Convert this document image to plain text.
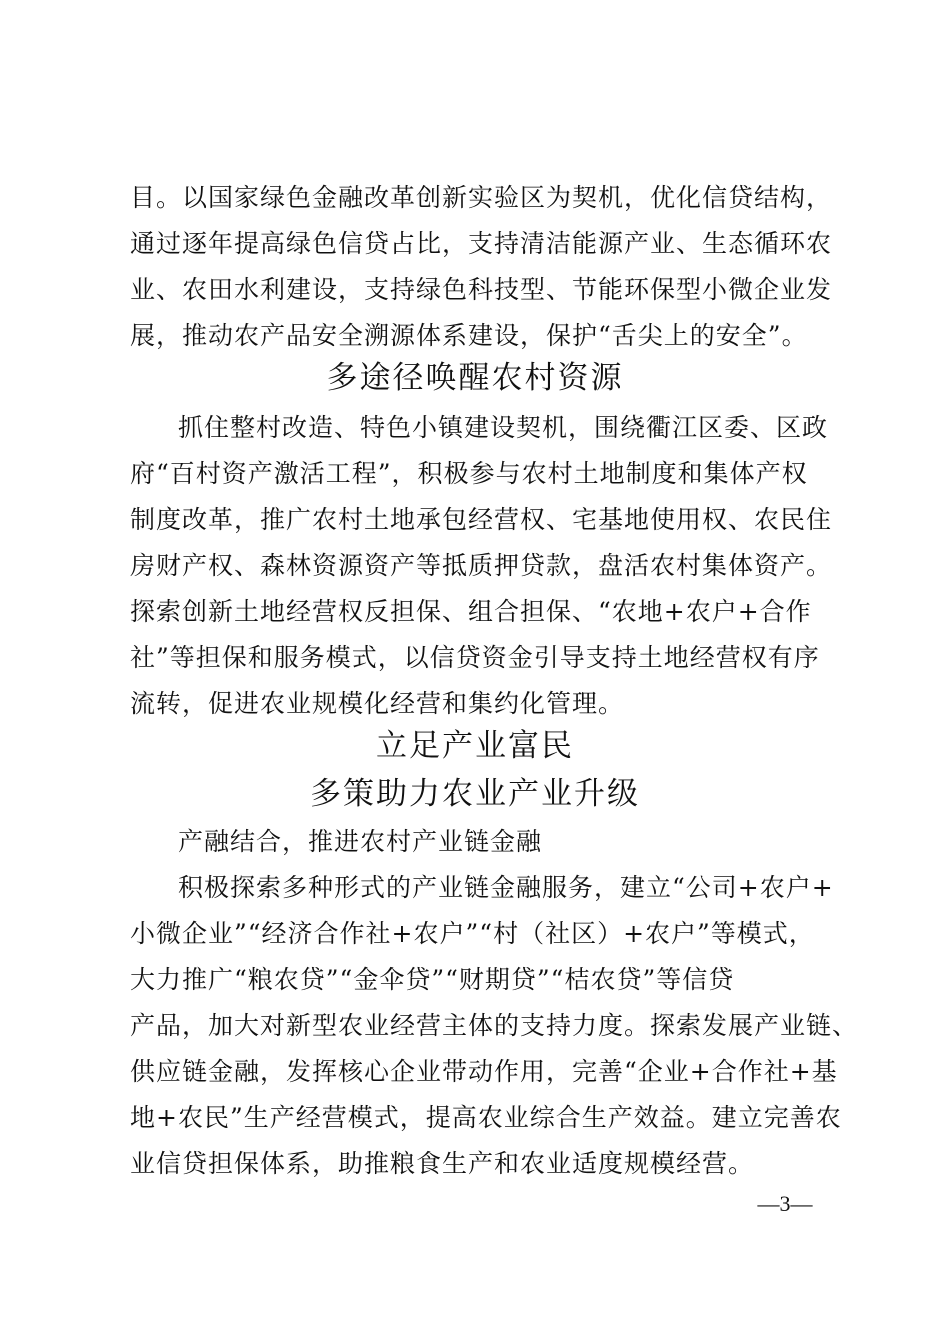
目。以国家绿色金融改革创新实验区为契机，优化信贷结构，
通过逐年提高绿色信贷占比，支持清洁能源产业、生态循环农
业、农田水利建设，支持绿色科技型、节能环保型小微企业发
展，推动农产品安全溯源体系建设，保护“舌尖上的安全”。
多途径唤醒农村资源
抓住整村改造、特色小镇建设契机，围绕衢江区委、区政
府“百村资产激活工程”，积极参与农村土地制度和集体产权
制度改革，推广农村土地承包经营权、宅基地使用权、农民住
房财产权、森林资源资产等抵质押贷款，盘活农村集体资产。
探索创新土地经营权反担保、组合担保、“农地+农户+合作
社”等担保和服务模式，以信贷资金引导支持土地经营权有序
流转，促进农业规模化经营和集约化管理。
立足产业富民
多策助力农业产业升级
产融结合，推进农村产业链金融
积极探索多种形式的产业链金融服务，建立“公司+农户+
小微企业”“经济合作社+农户”“村（社区）+农户”等模式，
大力推广“粮农贷”“金伞贷”“财期贷”“桔农贷”等信贷
产品，加大对新型农业经营主体的支持力度。探索发展产业链、
供应链金融，发挥核心企业带动作用，完善“企业+合作社+基
地+农民”生产经营模式，提高农业综合生产效益。建立完善农
业信贷担保体系，助推粮食生产和农业适度规模经营。
—3—
